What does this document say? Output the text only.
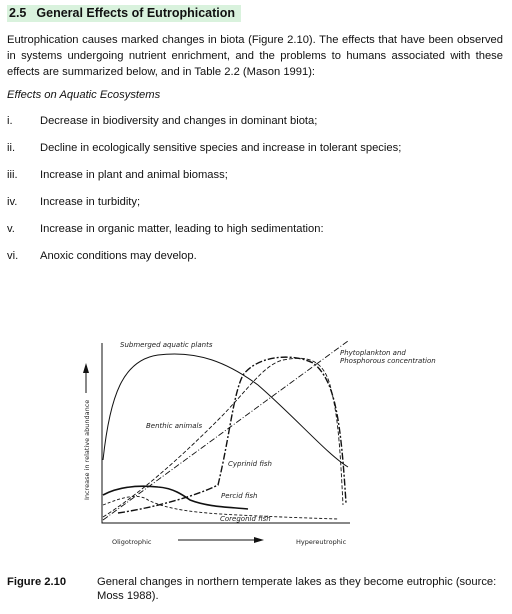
2.5 General Effects of Eutrophication
Eutrophication causes marked changes in biota (Figure 2.10). The effects that have been observed in systems undergoing nutrient enrichment, and the problems to humans associated with these effects are summarized below, and in Table 2.2 (Mason 1991):
Effects on Aquatic Ecosystems
i.	Decrease in biodiversity and changes in dominant biota;
ii.	Decline in ecologically sensitive species and increase in tolerant species;
iii.	Increase in plant and animal biomass;
iv.	Increase in turbidity;
v.	Increase in organic matter, leading to high sedimentation:
vi.	Anoxic conditions may develop.
Increase in relative abundance
Submerged aquatic plants
Phytoplankton and
Phosphorous concentration
Benthic animals
Cyprinid fish
Percid fish
Coregonid fish
Oligotrophic	Hypereutrophic
Figure 2.10	General changes in northern temperate lakes as they become eutrophic (source: Moss 1988).
